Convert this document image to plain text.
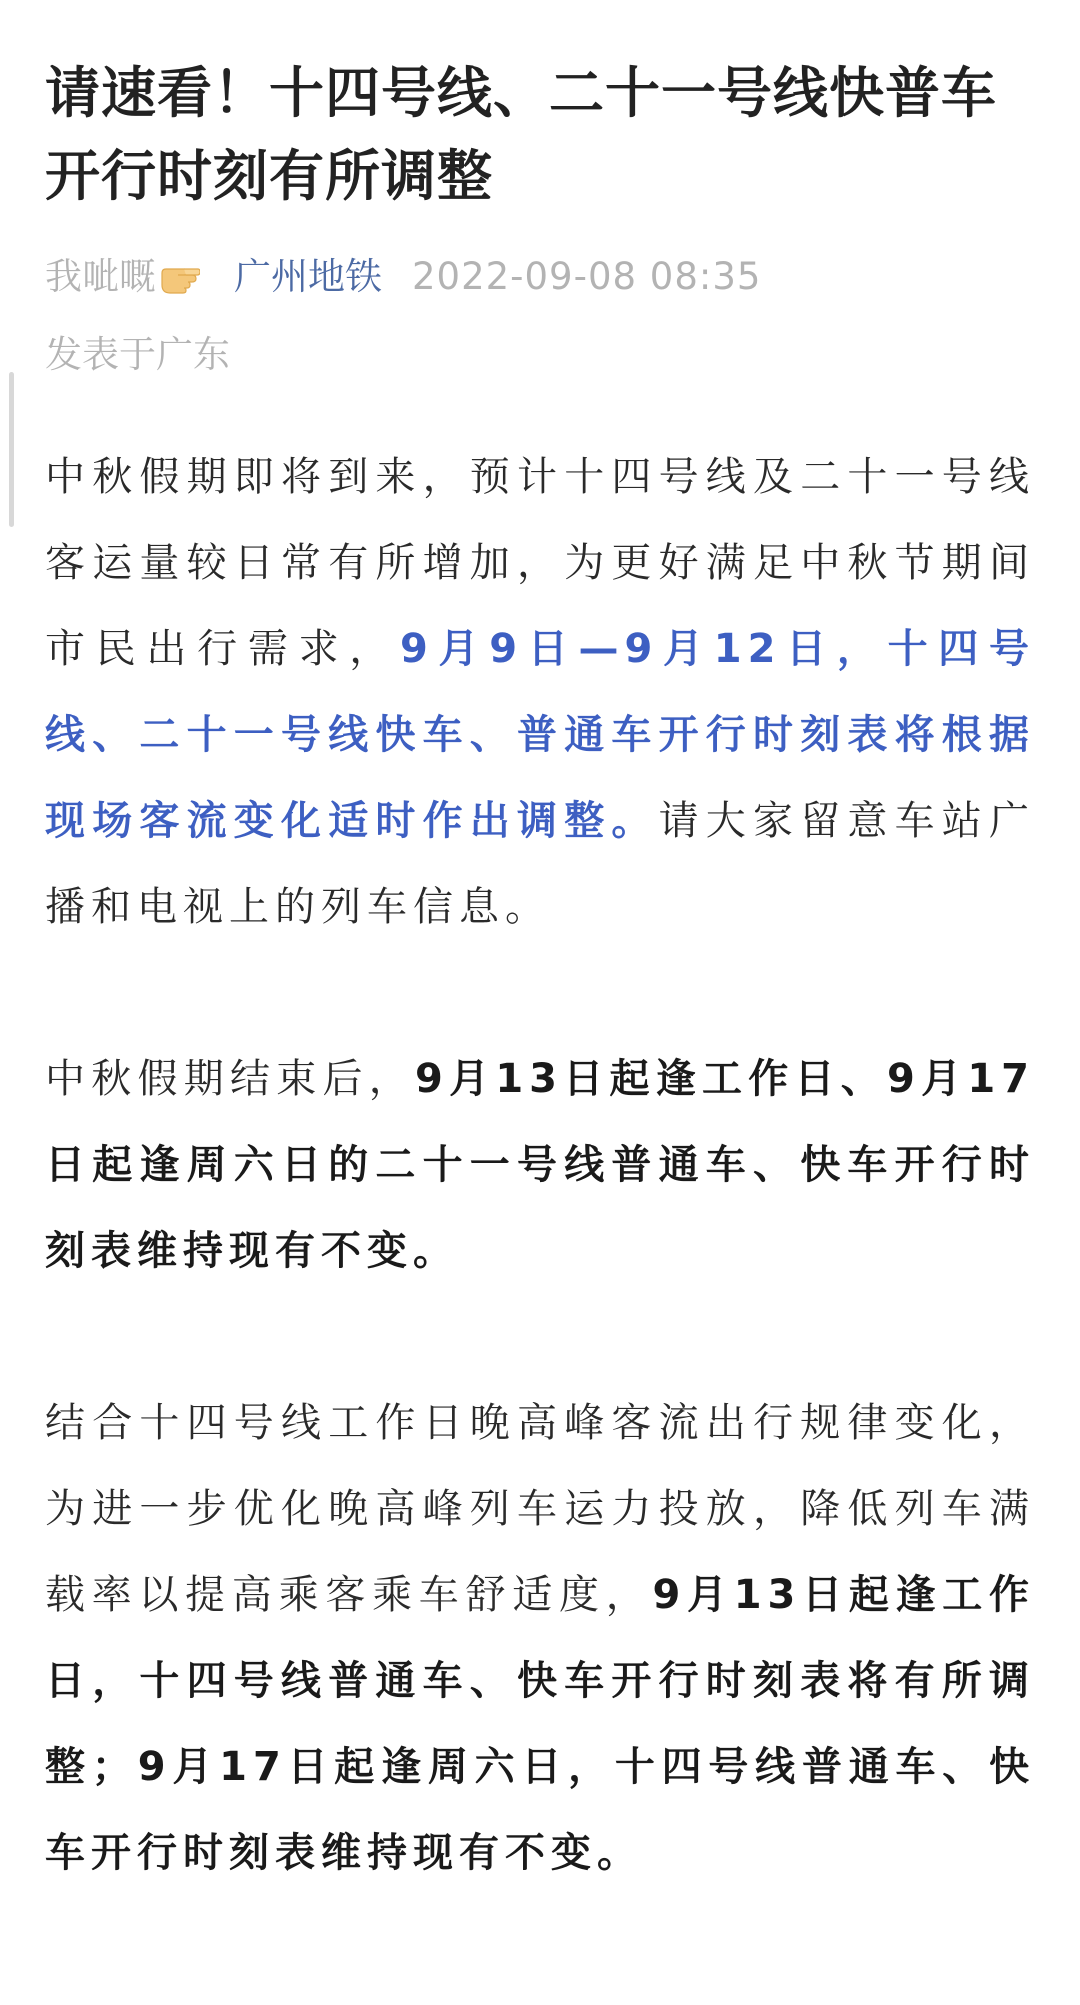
请速看！十四号线、二十一号线快普车开行时刻有所调整
我呲嘅 广州地铁 2022-09-08 08:35
发表于广东

中秋假期即将到来，预计十四号线及二十一号线客运量较日常有所增加，为更好满足中秋节期间市民出行需求，9月9日—9月12日，十四号线、二十一号线快车、普通车开行时刻表将根据现场客流变化适时作出调整。请大家留意车站广播和电视上的列车信息。

中秋假期结束后，9月13日起逢工作日、9月17日起逢周六日的二十一号线普通车、快车开行时刻表维持现有不变。

结合十四号线工作日晚高峰客流出行规律变化，为进一步优化晚高峰列车运力投放，降低列车满载率以提高乘客乘车舒适度，9月13日起逢工作日，十四号线普通车、快车开行时刻表将有所调整；9月17日起逢周六日，十四号线普通车、快车开行时刻表维持现有不变。
